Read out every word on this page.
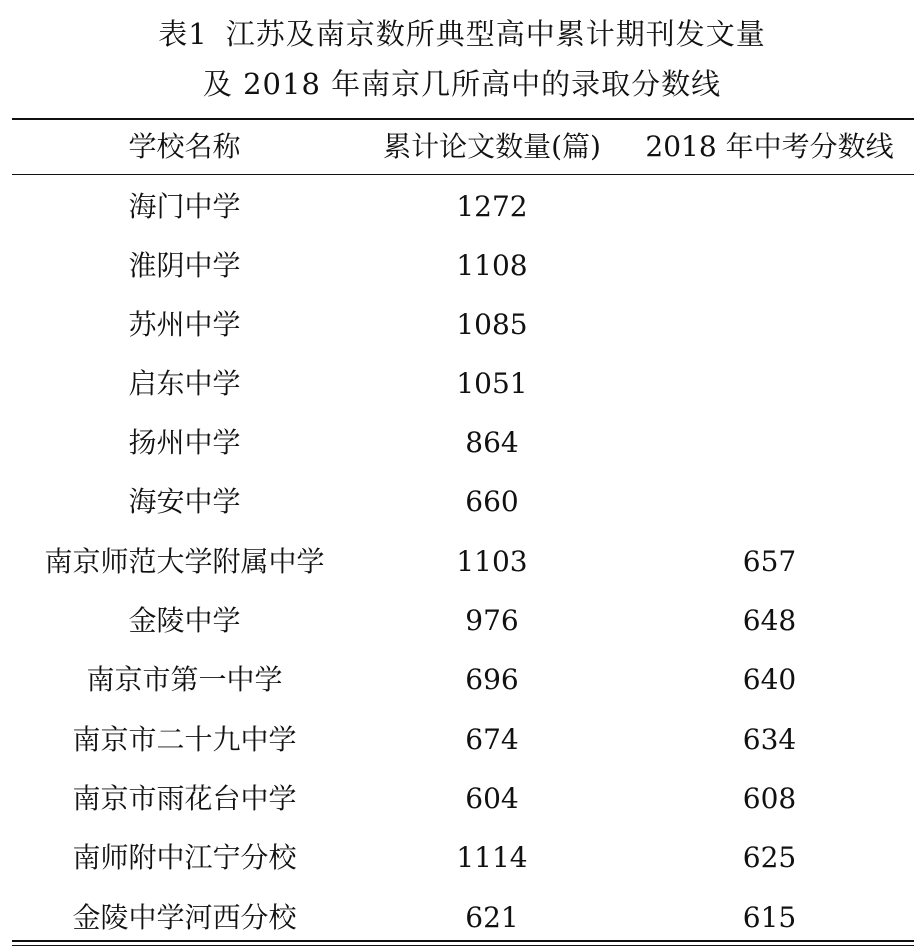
表1 江苏及南京数所典型高中累计期刊发文量
及 2018 年南京几所高中的录取分数线
学校名称	累计论文数量(篇)	2018 年中考分数线
海门中学	1272
淮阴中学	1108
苏州中学	1085
启东中学	1051
扬州中学	864
海安中学	660
南京师范大学附属中学	1103	657
金陵中学	976	648
南京市第一中学	696	640
南京市二十九中学	674	634
南京市雨花台中学	604	608
南师附中江宁分校	1114	625
金陵中学河西分校	621	615
